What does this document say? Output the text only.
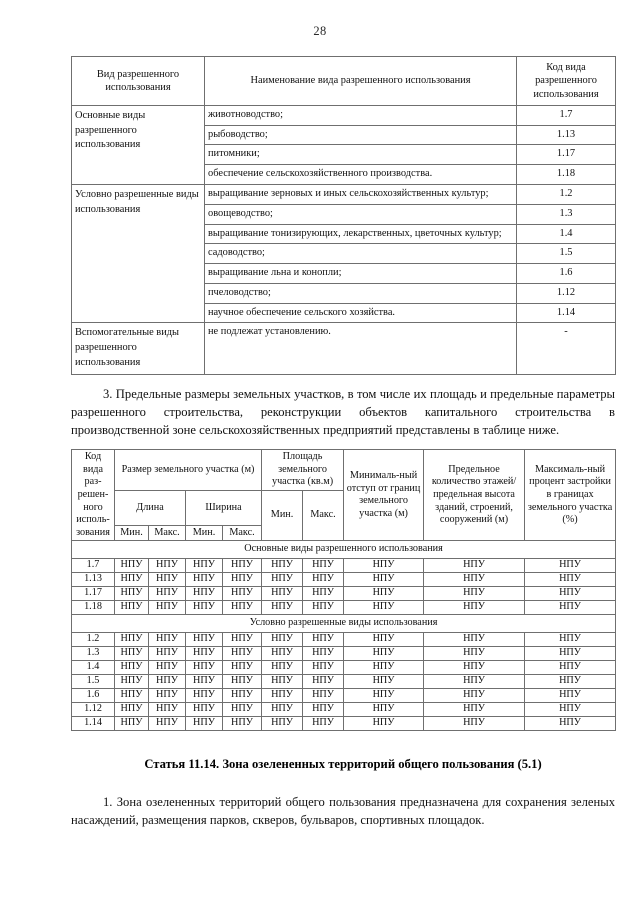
28
Вид разрешенного использования	Наименование вида разрешенного использования	Код вида разрешенного использования
Основные виды разрешенного использования	животноводство;	1.7
	рыбоводство;	1.13
	питомники;	1.17
	обеспечение сельскохозяйственного производства.	1.18
Условно разрешенные виды использования	выращивание зерновых и иных сельскохозяйственных культур;	1.2
	овощеводство;	1.3
	выращивание тонизирующих, лекарственных, цветочных культур;	1.4
	садоводство;	1.5
	выращивание льна и конопли;	1.6
	пчеловодство;	1.12
	научное обеспечение сельского хозяйства.	1.14
Вспомогательные виды разрешенного использования	не подлежат установлению.	-

3. Предельные размеры земельных участков, в том числе их площадь и предельные параметры разрешенного строительства, реконструкции объектов капитального строительства в производственной зоне сельскохозяйственных предприятий представлены в таблице ниже.

Код вида раз-решен-ного исполь-зования	Размер земельного участка (м)				Площадь земельного участка (кв.м)		Минималь-ный отступ от границ земельного участка (м)	Предельное количество этажей/ предельная высота зданий, строений, сооружений (м)	Максималь-ный процент застройки в границах земельного участка (%)
	Длина		Ширина		Мин.	Макс.			
	Мин.	Макс.	Мин.	Макс.					
Основные виды разрешенного использования									
1.7	НПУ	НПУ	НПУ	НПУ	НПУ	НПУ	НПУ	НПУ	НПУ
1.13	НПУ	НПУ	НПУ	НПУ	НПУ	НПУ	НПУ	НПУ	НПУ
1.17	НПУ	НПУ	НПУ	НПУ	НПУ	НПУ	НПУ	НПУ	НПУ
1.18	НПУ	НПУ	НПУ	НПУ	НПУ	НПУ	НПУ	НПУ	НПУ
Условно разрешенные виды использования									
1.2	НПУ	НПУ	НПУ	НПУ	НПУ	НПУ	НПУ	НПУ	НПУ
1.3	НПУ	НПУ	НПУ	НПУ	НПУ	НПУ	НПУ	НПУ	НПУ
1.4	НПУ	НПУ	НПУ	НПУ	НПУ	НПУ	НПУ	НПУ	НПУ
1.5	НПУ	НПУ	НПУ	НПУ	НПУ	НПУ	НПУ	НПУ	НПУ
1.6	НПУ	НПУ	НПУ	НПУ	НПУ	НПУ	НПУ	НПУ	НПУ
1.12	НПУ	НПУ	НПУ	НПУ	НПУ	НПУ	НПУ	НПУ	НПУ
1.14	НПУ	НПУ	НПУ	НПУ	НПУ	НПУ	НПУ	НПУ	НПУ
Статья 11.14. Зона озелененных территорий общего пользования (5.1)

1. Зона озелененных территорий общего пользования предназначена для сохранения зеленых насаждений, размещения парков, скверов, бульваров, спортивных площадок.
